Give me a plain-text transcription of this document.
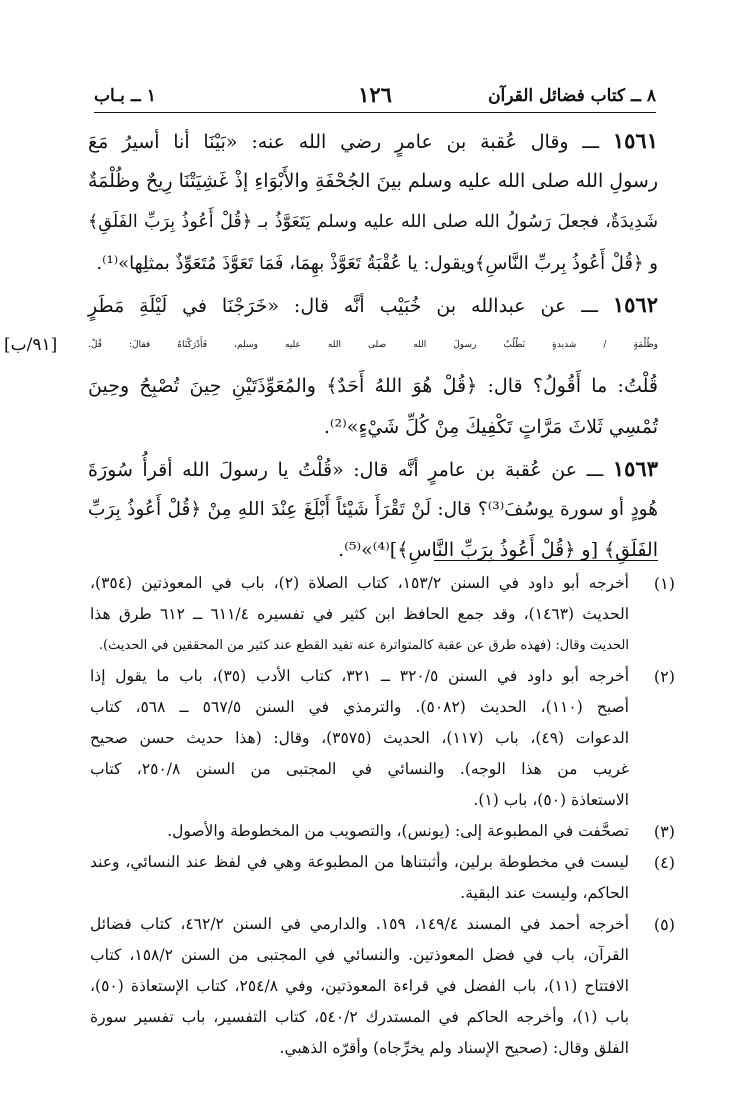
٨ ــ كتاب فضائل القرآن
١٢٦
١ ــ بـاب
١٥٦١ ـــ وقال عُقبة بن عامرٍ رضي الله عنه: «بَيْنَا أنا أسيرُ مَعَ
رسولِ الله صلى الله عليه وسلم بينَ الجُحْفَةِ والأَبْوَاءِ إذْ غَشِيَتْنَا رِيحٌ وظُلْمَةٌ
شَدِيدَةٌ، فجعلَ رَسُولُ الله صلى الله عليه وسلم يَتَعَوَّذُ بـ ﴿قُلْ أَعُوذُ بِرَبِّ الفَلَقِ﴾
و ﴿قُلْ أَعُوذُ بِربِّ النَّاسِ﴾ويقول: يا عُقْبَةُ تَعَوَّذْ بهِمَا، فَمَا تَعَوَّذَ مُتَعَوِّذٌ بمثلِها»⁽¹⁾.
١٥٦٢ ـــ عن عبدالله بن خُبَيْب أنَّه قال: «خَرَجْنَا في لَيْلَةِ مَطَرٍ
وظُلْمَةٍ / شديدةٍ نَطْلُبُ رسولَ الله صلى الله عليه وسلم، فَأَدْرَكْنَاهُ فقالَ: قُلْ.
[٩١/ب]
قُلْتُ: ما أَقُولُ؟ قال: ﴿قُلْ هُوَ اللهُ أَحَدٌ﴾ والمُعَوِّذَتَيْنِ حِينَ تُصْبِحُ وحِينَ
تُمْسِي ثَلاثَ مَرَّاتٍ تَكْفِيكَ مِنْ كُلِّ شَيْءٍ»⁽²⁾.
١٥٦٣ ـــ عن عُقبة بن عامرٍ أنَّه قال: «قُلْتُ يا رسولَ الله أقرأُ سُورَةَ
هُودٍ أو سورة يوسُفَ⁽³⁾؟ قال: لَنْ تَقْرَأَ شَيْئاً أَبْلَغَ عِنْدَ اللهِ مِنْ ﴿قُلْ أَعُوذُ بِرَبِّ
الفَلَقِ﴾ [و ﴿قُلْ أَعُوذُ بِرَبِّ النَّاسِ﴾]⁽⁴⁾»⁽⁵⁾.
(١)
أخرجه أبو داود في السنن ١٥٣/٢، كتاب الصلاة (٢)، باب في المعوذتين (٣٥٤)،
الحديث (١٤٦٣)، وقد جمع الحافظ ابن كثير في تفسيره ٦١١/٤ ــ ٦١٢ طرق هذا
الحديث وقال: (فهذه طرق عن عقبة كالمتواترة عنه تفيد القطع عند كثير من المحققين في الحديث).
(٢)
أخرجه أبو داود في السنن ٣٢٠/٥ ــ ٣٢١، كتاب الأدب (٣٥)، باب ما يقول إذا
أصبح (١١٠)، الحديث (٥٠٨٢). والترمذي في السنن ٥٦٧/٥ ــ ٥٦٨، كتاب
الدعوات (٤٩)، باب (١١٧)، الحديث (٣٥٧٥)، وقال: (هذا حديث حسن صحيح
غريب من هذا الوجه). والنسائي في المجتبى من السنن ٢٥٠/٨، كتاب
الاستعاذة (٥٠)، باب (١).
(٣)
تصحَّفت في المطبوعة إلى: (يونس)، والتصويب من المخطوطة والأصول.
(٤)
ليست في مخطوطة برلين، وأثبتناها من المطبوعة وهي في لفظ عند النسائي، وعند
الحاكم، وليست عند البقية.
(٥)
أخرجه أحمد في المسند ١٤٩/٤، ١٥٩. والدارمي في السنن ٤٦٢/٢، كتاب فضائل
القرآن، باب في فضل المعوذتين. والنسائي في المجتبى من السنن ١٥٨/٢، كتاب
الافتتاح (١١)، باب الفضل في قراءة المعوذتين، وفي ٢٥٤/٨، كتاب الإستعاذة (٥٠)،
باب (١)، وأخرجه الحاكم في المستدرك ٥٤٠/٢، كتاب التفسير، باب تفسير سورة
الفلق وقال: (صحيح الإسناد ولم يخرِّجاه) وأقرّه الذهبي.
